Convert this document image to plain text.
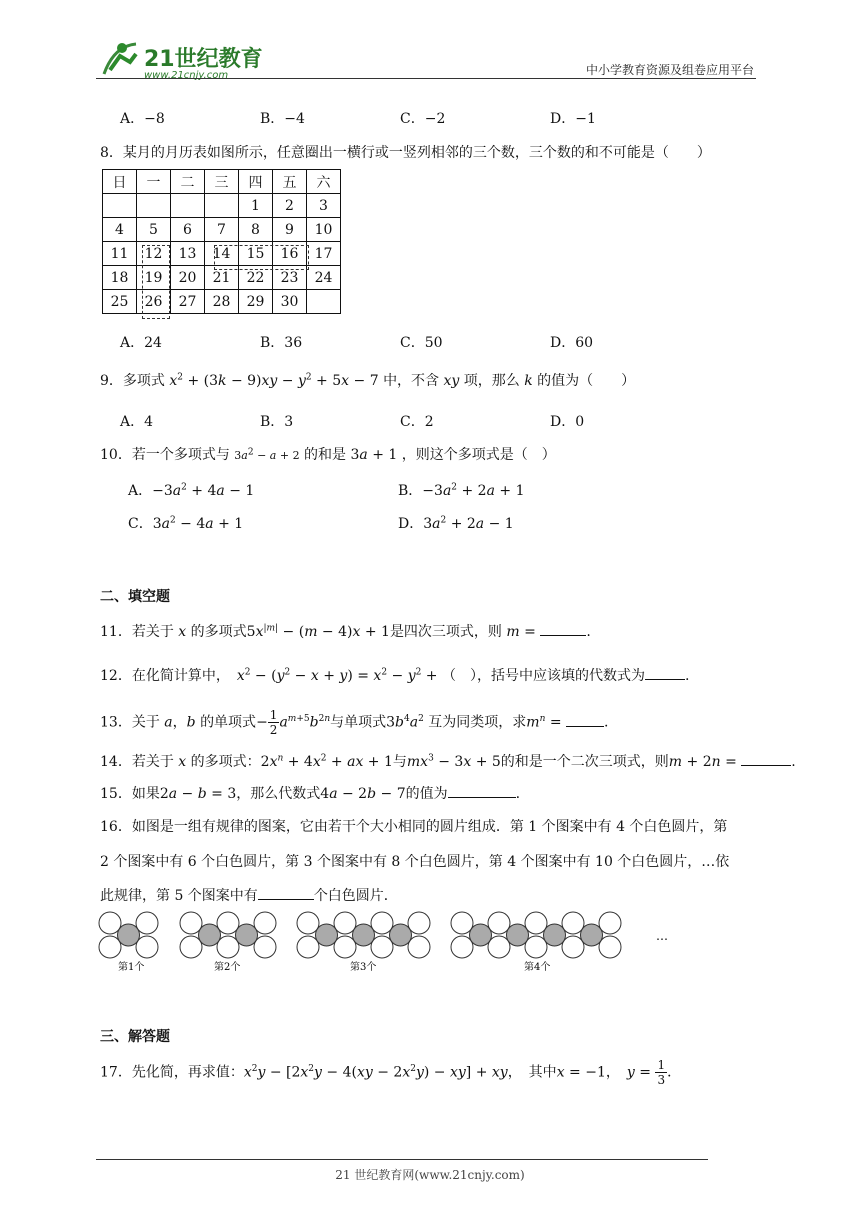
21世纪教育
www.21cnjy.com	中小学教育资源及组卷应用平台
A．−8	B．−4	C．−2	D．−1
8．某月的月历表如图所示，任意圈出一横行或一竖列相邻的三个数，三个数的和不可能是（　　）
日	一	二	三	四	五	六
				1	2	3
4	5	6	7	8	9	10
11	12	13	14	15	16	17
18	19	20	21	22	23	24
25	26	27	28	29	30	
A．24	B．36	C．50	D．60
9．多项式 $x^2 + (3k - 9)xy - y^2 + 5x - 7$ 中，不含 xy 项，那么 k 的值为（　　）
A．4	B．3	C．2	D．0
10．若一个多项式与 $3a^2 - a + 2$ 的和是 3a + 1 ，则这个多项式是（　）
A．$-3a^2 + 4a - 1$	B．$-3a^2 + 2a + 1$
C．$3a^2 - 4a + 1$	D．$3a^2 + 2a - 1$
二、填空题
11．若关于 x 的多项式$5x^{|m|} - (m - 4)x + 1$是四次三项式，则 m =	.
12．在化简计算中，　 $x^2 - (y^2 - x + y) = x^2 - y^2$ + （　），括号中应该填的代数式为	.
13．关于 a，b 的单项式− $\frac{1}{2} a^{m+5}b^{2n}$与单项式$3b^4a^2$ 互为同类项，求$m^n$ =	.
14．若关于 x 的多项式：$2x^n + 4x^2$ + ax + 1与$mx^3 - 3x + 5$的和是一个二次三项式，则m + 2n =	.
15．如果2a − b = 3，那么代数式4a − 2b − 7的值为	.
16．如图是一组有规律的图案，它由若干个大小相同的圆片组成．第 1 个图案中有 4 个白色圆片，第
2 个图案中有 6 个白色圆片，第 3 个图案中有 8 个白色圆片，第 4 个图案中有 10 个白色圆片，…依
此规律，第 5 个图案中有	个白色圆片．
第1个	第2个	第3个	第4个
…
三、解答题
17．先化简，再求值：$x^2y - [2x^2y - 4(xy - 2x^2y) - xy]$ + xy，　其中x = −1，　 $y = \frac{1}{3}$ ．
21 世纪教育网(www.21cnjy.com)
